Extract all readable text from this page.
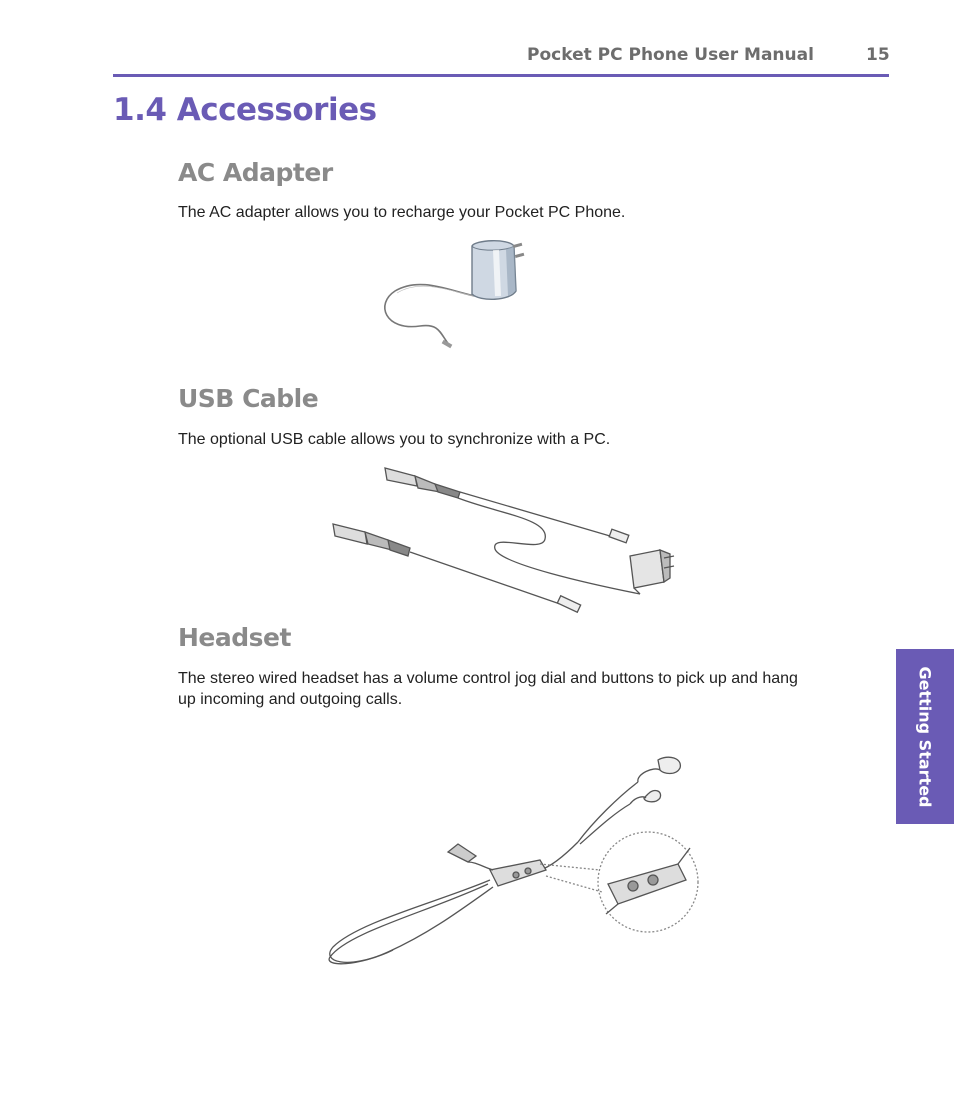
Pocket PC Phone User Manual	15
1.4 Accessories
AC Adapter
The AC adapter allows you to recharge your Pocket PC Phone.
USB Cable
The optional USB cable allows you to synchronize with a PC.
Headset
The stereo wired headset has a volume control jog dial and buttons to pick up and hang
up incoming and outgoing calls.	Getting Started
